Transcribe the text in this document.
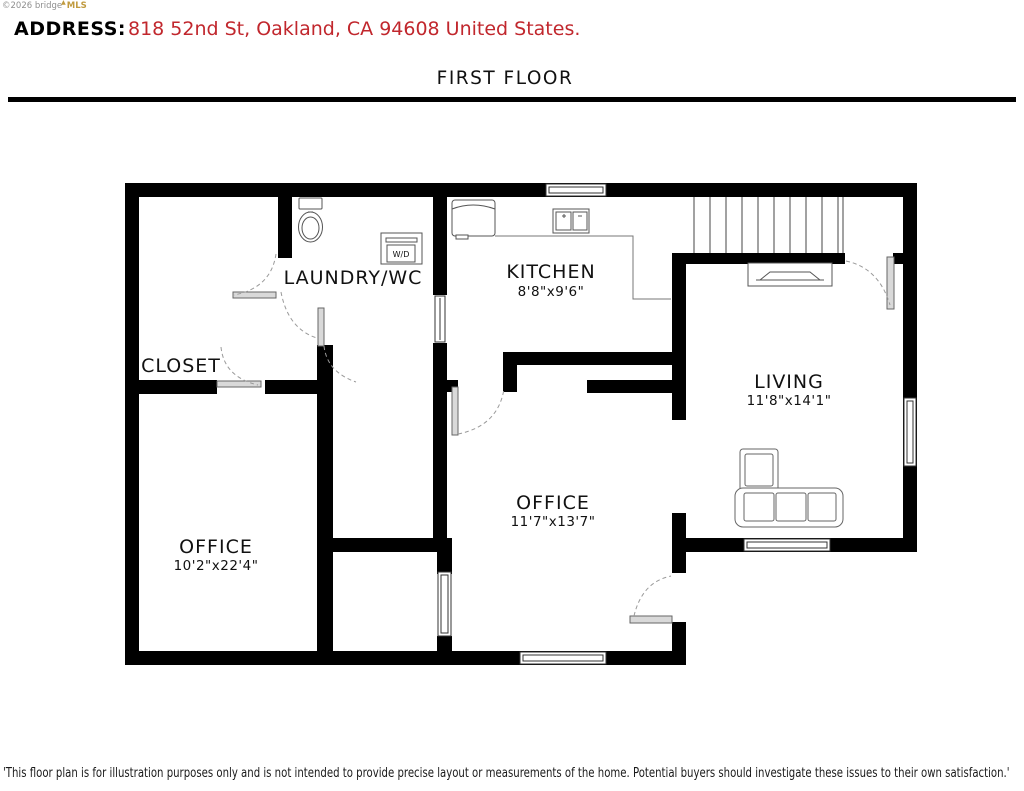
©2026 bridge▲MLS
ADDRESS: 818 52nd St, Oakland, CA 94608 United States.
FIRST FLOOR
W/D
LAUNDRY/WC	KITCHEN
8'8"x9'6"
LIVING
11'8"x14'1"
OFFICE
11'7"x13'7"
CLOSET
OFFICE
10'2"x22'4"
'This floor plan is for illustration purposes only and is not intended to provide precise layout or measurements of the home. Potential buyers should investigate these issues to their own satisfaction.'
